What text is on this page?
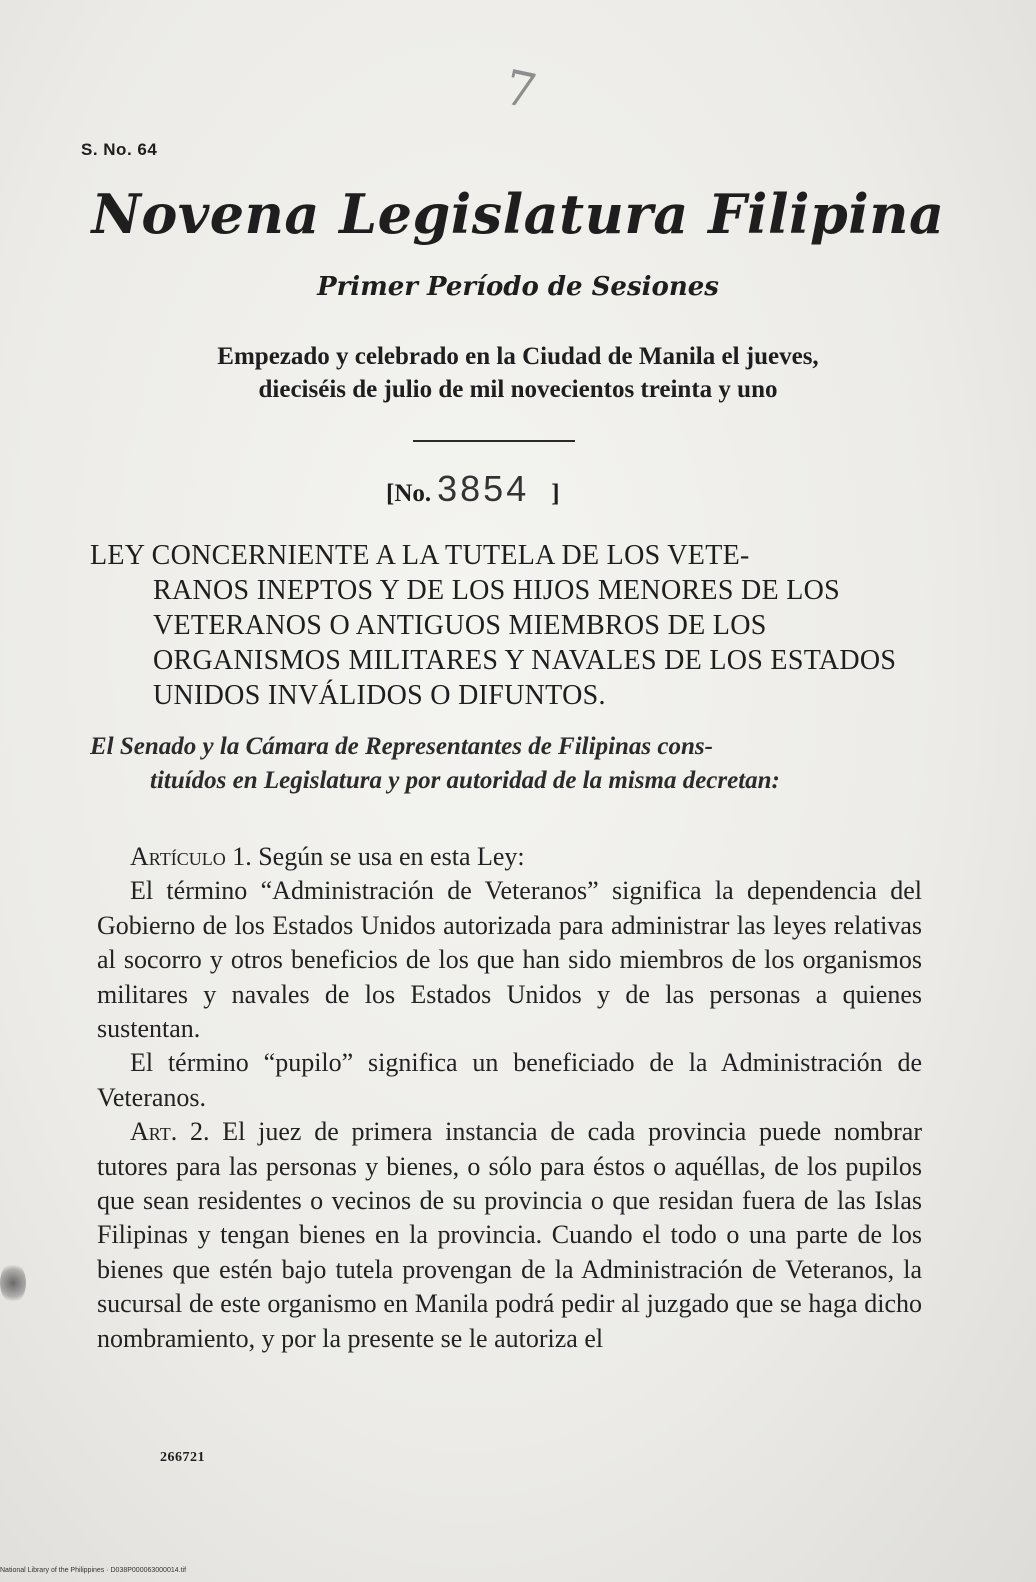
7
S. No. 64
Novena Legislatura Filipina
Primer Período de Sesiones
Empezado y celebrado en la Ciudad de Manila el jueves,
dieciséis de julio de mil novecientos treinta y uno
[No. 3854 ]
LEY CONCERNIENTE A LA TUTELA DE LOS VETE-
RANOS INEPTOS Y DE LOS HIJOS MENORES DE LOS VETERANOS O ANTIGUOS MIEMBROS DE LOS ORGANISMOS MILITARES Y NAVALES DE LOS ESTADOS UNIDOS INVÁLIDOS O DIFUNTOS.
El Senado y la Cámara de Representantes de Filipinas cons-
tituídos en Legislatura y por autoridad de la misma decretan:

Artículo 1. Según se usa en esta Ley:

El término “Administración de Veteranos” significa la dependencia del Gobierno de los Estados Unidos autorizada para administrar las leyes relativas al socorro y otros beneficios de los que han sido miembros de los organismos militares y navales de los Estados Unidos y de las personas a quienes sustentan.

El término “pupilo” significa un beneficiado de la Administración de Veteranos.

Art. 2. El juez de primera instancia de cada provincia puede nombrar tutores para las personas y bienes, o sólo para éstos o aquéllas, de los pupilos que sean residentes o vecinos de su provincia o que residan fuera de las Islas Filipinas y tengan bienes en la provincia. Cuando el todo o una parte de los bienes que estén bajo tutela provengan de la Administración de Veteranos, la sucursal de este organismo en Manila podrá pedir al juzgado que se haga dicho nombramiento, y por la presente se le autoriza el

266721
National Library of the Philippines · D038P000063000014.tif
